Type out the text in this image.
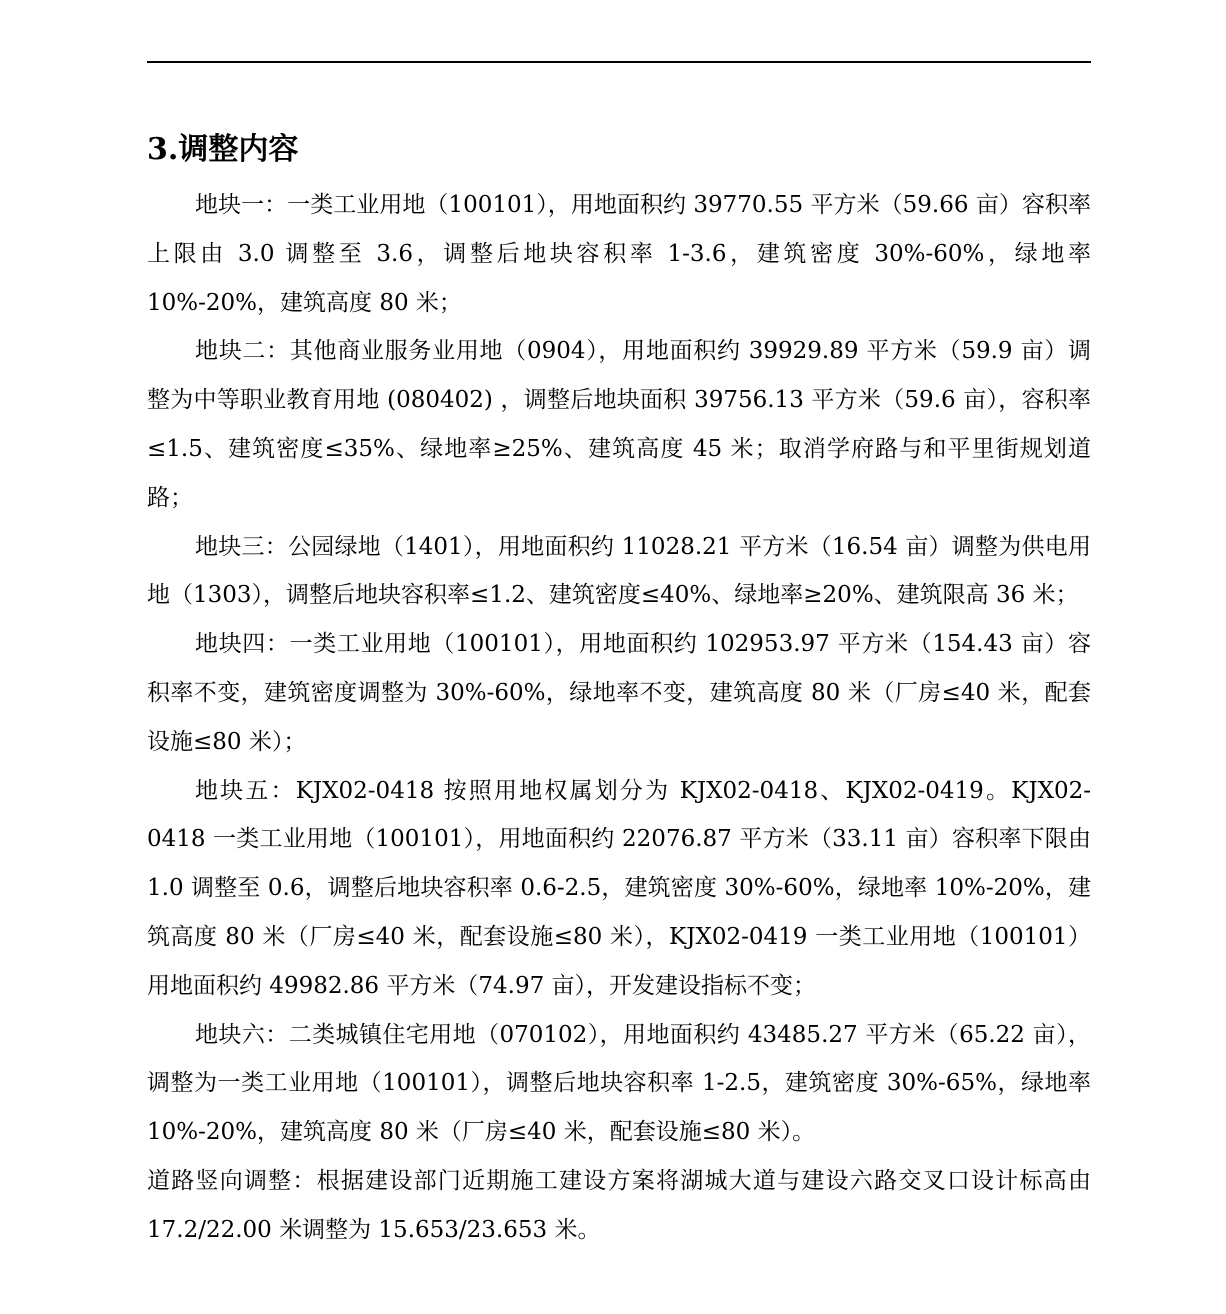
3.调整内容

地块一：一类工业用地（100101），用地面积约 39770.55 平方米（59.66 亩）容积率上限由 3.0 调整至 3.6，调整后地块容积率 1-3.6，建筑密度 30%-60%，绿地率 10%-20%，建筑高度 80 米；

地块二：其他商业服务业用地（0904），用地面积约 39929.89 平方米（59.9 亩）调整为中等职业教育用地 (080402) ，调整后地块面积 39756.13 平方米（59.6 亩），容积率≤1.5、建筑密度≤35%、绿地率≥25%、建筑高度 45 米；取消学府路与和平里街规划道路；

地块三：公园绿地（1401），用地面积约 11028.21 平方米（16.54 亩）调整为供电用地（1303），调整后地块容积率≤1.2、建筑密度≤40%、绿地率≥20%、建筑限高 36 米；

地块四：一类工业用地（100101），用地面积约 102953.97 平方米（154.43 亩）容积率不变，建筑密度调整为 30%-60%，绿地率不变，建筑高度 80 米（厂房≤40 米，配套设施≤80 米）；

地块五：KJX02-0418 按照用地权属划分为 KJX02-0418、KJX02-0419。KJX02-0418 一类工业用地（100101），用地面积约 22076.87 平方米（33.11 亩）容积率下限由 1.0 调整至 0.6，调整后地块容积率 0.6-2.5，建筑密度 30%-60%，绿地率 10%-20%，建筑高度 80 米（厂房≤40 米，配套设施≤80 米），KJX02-0419 一类工业用地（100101）用地面积约 49982.86 平方米（74.97 亩），开发建设指标不变；

地块六：二类城镇住宅用地（070102），用地面积约 43485.27 平方米（65.22 亩），调整为一类工业用地（100101），调整后地块容积率 1-2.5，建筑密度 30%-65%，绿地率 10%-20%，建筑高度 80 米（厂房≤40 米，配套设施≤80 米）。

道路竖向调整：根据建设部门近期施工建设方案将湖城大道与建设六路交叉口设计标高由 17.2/22.00 米调整为 15.653/23.653 米。
